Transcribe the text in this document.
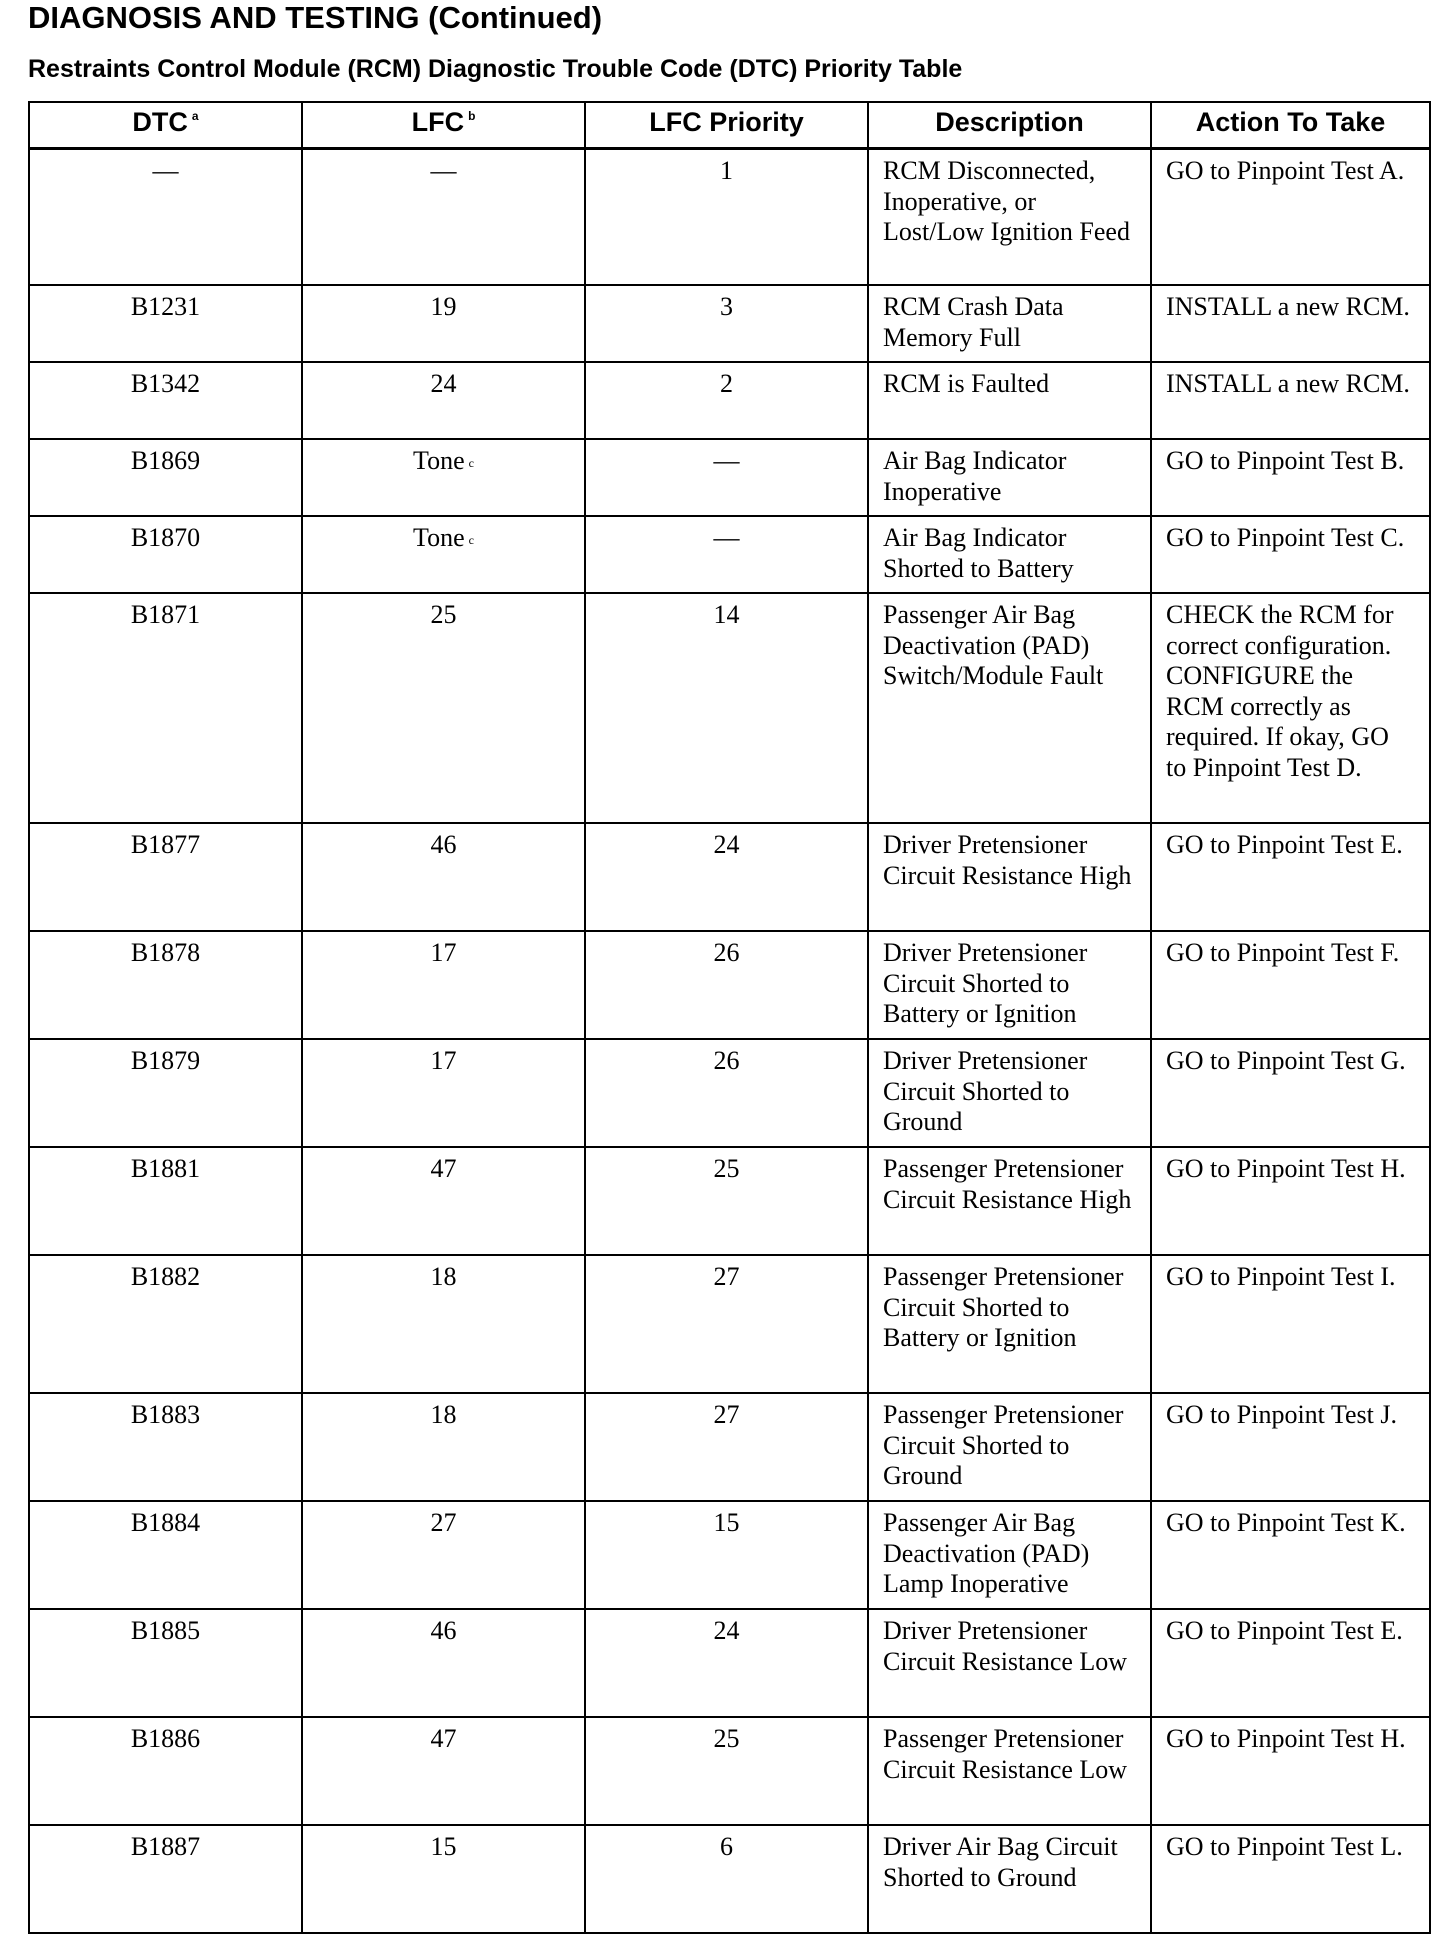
DIAGNOSIS AND TESTING (Continued)
Restraints Control Module (RCM) Diagnostic Trouble Code (DTC) Priority Table
DTC $^a$	LFC $^b$	LFC Priority	Description	Action To Take
—	—	1	RCM Disconnected, Inoperative, or Lost/Low Ignition Feed	GO to Pinpoint Test A.
B1231	19	3	RCM Crash Data Memory Full	INSTALL a new RCM.
B1342	24	2	RCM is Faulted	INSTALL a new RCM.
B1869	Tone $^c$	—	Air Bag Indicator Inoperative	GO to Pinpoint Test B.
B1870	Tone $^c$	—	Air Bag Indicator Shorted to Battery	GO to Pinpoint Test C.
B1871	25	14	Passenger Air Bag Deactivation (PAD) Switch/Module Fault	CHECK the RCM for correct configuration. CONFIGURE the RCM correctly as required. If okay, GO to Pinpoint Test D.
B1877	46	24	Driver Pretensioner Circuit Resistance High	GO to Pinpoint Test E.
B1878	17	26	Driver Pretensioner Circuit Shorted to Battery or Ignition	GO to Pinpoint Test F.
B1879	17	26	Driver Pretensioner Circuit Shorted to Ground	GO to Pinpoint Test G.
B1881	47	25	Passenger Pretensioner Circuit Resistance High	GO to Pinpoint Test H.
B1882	18	27	Passenger Pretensioner Circuit Shorted to Battery or Ignition	GO to Pinpoint Test I.
B1883	18	27	Passenger Pretensioner Circuit Shorted to Ground	GO to Pinpoint Test J.
B1884	27	15	Passenger Air Bag Deactivation (PAD) Lamp Inoperative	GO to Pinpoint Test K.
B1885	46	24	Driver Pretensioner Circuit Resistance Low	GO to Pinpoint Test E.
B1886	47	25	Passenger Pretensioner Circuit Resistance Low	GO to Pinpoint Test H.
B1887	15	6	Driver Air Bag Circuit Shorted to Ground	GO to Pinpoint Test L.
